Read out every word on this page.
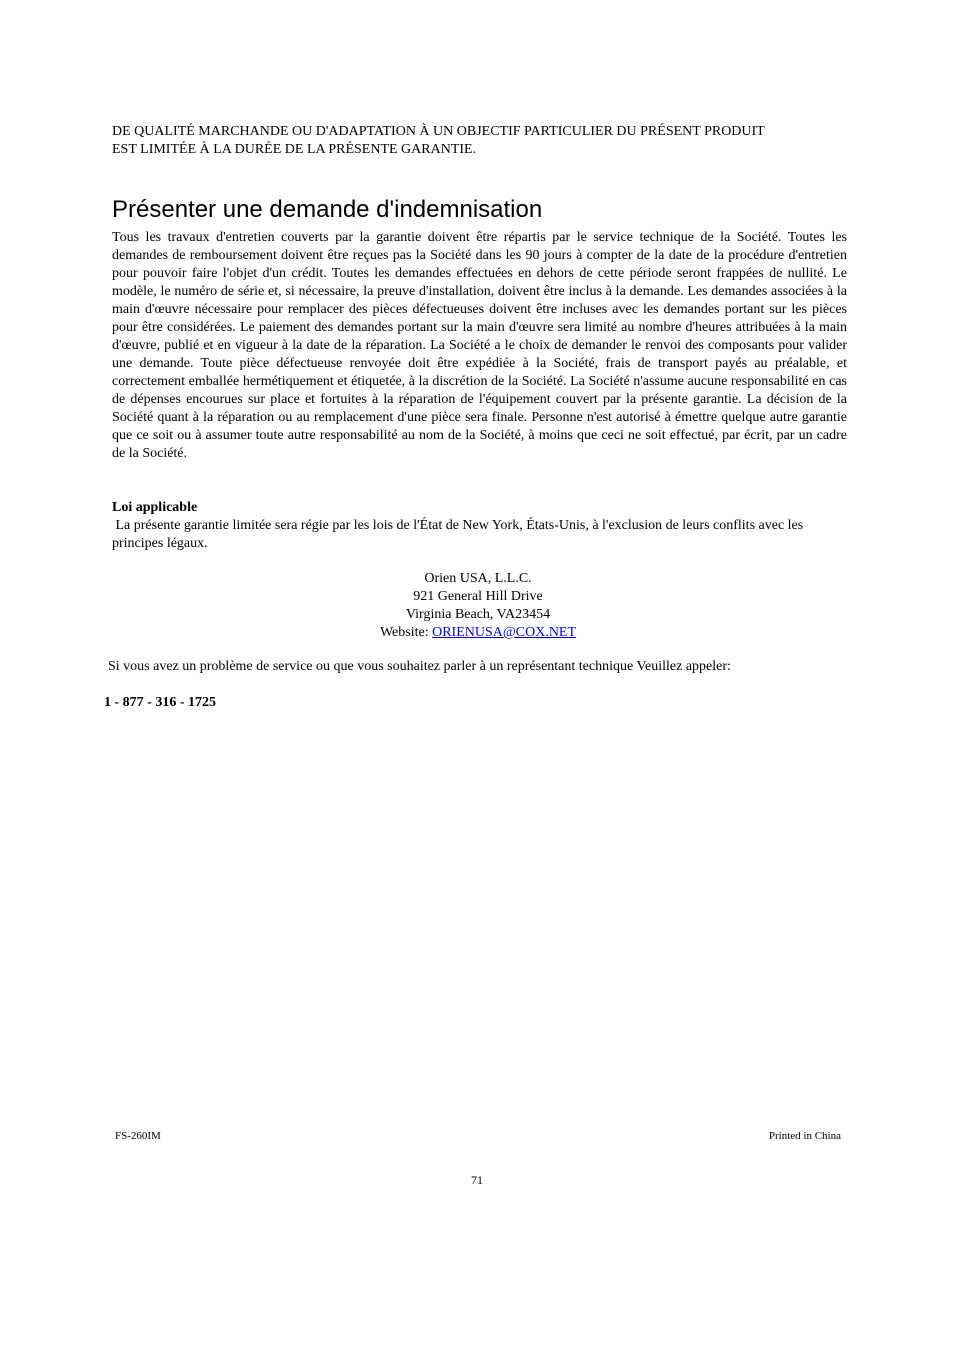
DE QUALITÉ MARCHANDE OU D'ADAPTATION À UN OBJECTIF PARTICULIER DU PRÉSENT PRODUIT
EST LIMITÉE À LA DURÉE DE LA PRÉSENTE GARANTIE.
Présenter une demande d'indemnisation
Tous les travaux d'entretien couverts par la garantie doivent être répartis par le service technique de la Société. Toutes les demandes de remboursement doivent être reçues pas la Société dans les 90 jours à compter de la date de la procédure d'entretien pour pouvoir faire l'objet d'un crédit. Toutes les demandes effectuées en dehors de cette période seront frappées de nullité. Le modèle, le numéro de série et, si nécessaire, la preuve d'installation, doivent être inclus à la demande. Les demandes associées à la main d'œuvre nécessaire pour remplacer des pièces défectueuses doivent être incluses avec les demandes portant sur les pièces pour être considérées. Le paiement des demandes portant sur la main d'œuvre sera limité au nombre d'heures attribuées à la main d'œuvre, publié et en vigueur à la date de la réparation. La Société a le choix de demander le renvoi des composants pour valider une demande. Toute pièce défectueuse renvoyée doit être expédiée à la Société, frais de transport payés au préalable, et correctement emballée hermétiquement et étiquetée, à la discrétion de la Société. La Société n'assume aucune responsabilité en cas de dépenses encourues sur place et fortuites à la réparation de l'équipement couvert par la présente garantie. La décision de la Société quant à la réparation ou au remplacement d'une pièce sera finale. Personne n'est autorisé à émettre quelque autre garantie que ce soit ou à assumer toute autre responsabilité au nom de la Société, à moins que ceci ne soit effectué, par écrit, par un cadre de la Société.
Loi applicable
La présente garantie limitée sera régie par les lois de l'État de New York, États-Unis, à l'exclusion de leurs conflits avec les principes légaux.
Orien USA, L.L.C.
921 General Hill Drive
Virginia Beach, VA23454
Website: ORIENUSA@COX.NET
Si vous avez un problème de service ou que vous souhaitez parler à un représentant technique Veuillez appeler:
1 - 877 - 316 - 1725
FS-260IM	Printed in China
71
